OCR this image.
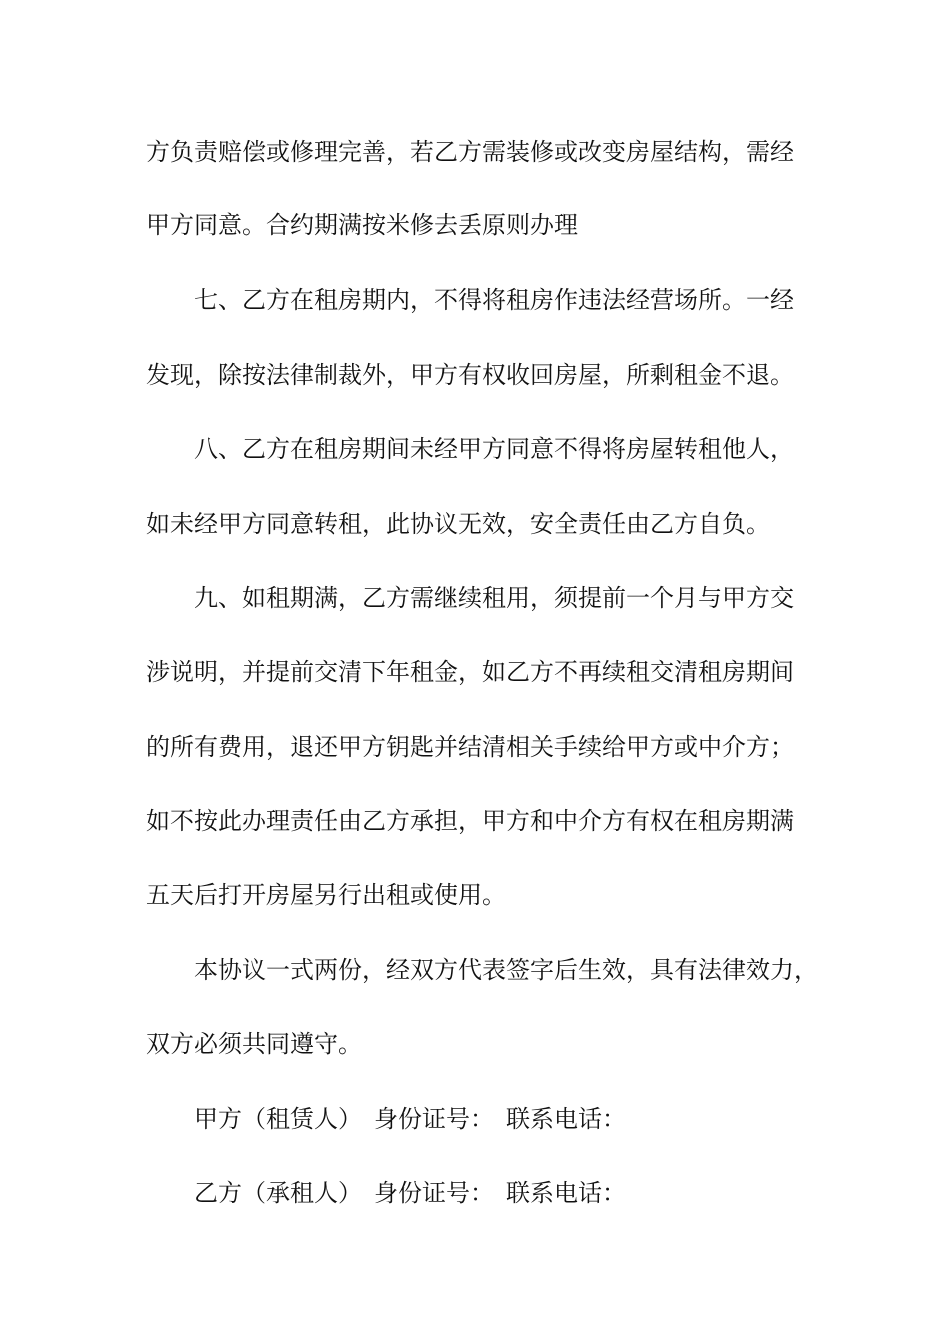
方负责赔偿或修理完善，若乙方需装修或改变房屋结构，需经

甲方同意。合约期满按米修去丢原则办理

七、乙方在租房期内，不得将租房作违法经营场所。一经

发现，除按法律制裁外，甲方有权收回房屋，所剩租金不退。

八、乙方在租房期间未经甲方同意不得将房屋转租他人，

如未经甲方同意转租，此协议无效，安全责任由乙方自负。

九、如租期满，乙方需继续租用，须提前一个月与甲方交

涉说明，并提前交清下年租金，如乙方不再续租交清租房期间

的所有费用，退还甲方钥匙并结清相关手续给甲方或中介方；

如不按此办理责任由乙方承担，甲方和中介方有权在租房期满

五天后打开房屋另行出租或使用。

本协议一式两份，经双方代表签字后生效，具有法律效力，

双方必须共同遵守。

甲方（租赁人）　身份证号：　联系电话：

乙方（承租人）　身份证号：　联系电话：
